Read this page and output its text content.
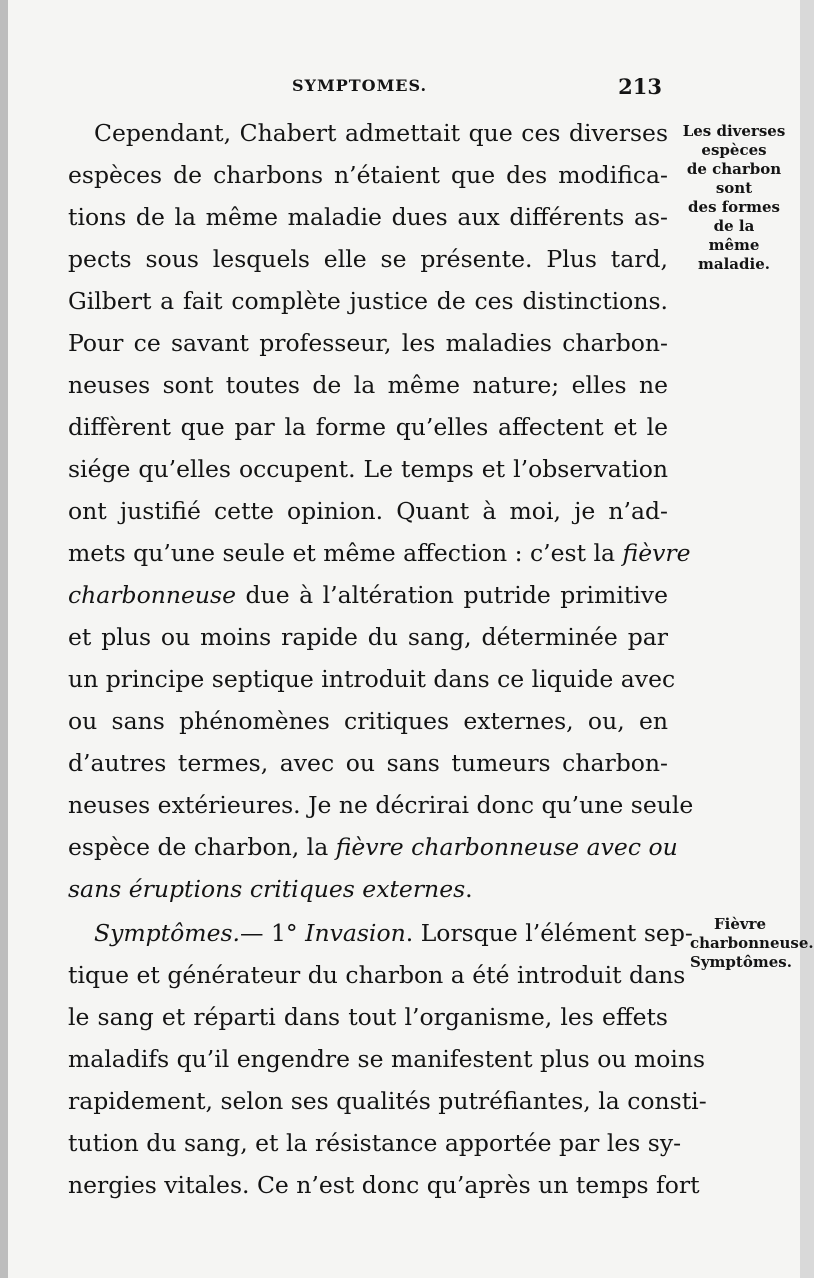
SYMPTOMES.	213
Les diverses
espèces
de charbon sont
des formes
de la
même maladie.
Fièvre
charbonneuse.
Symptômes.
Cependant, Chabert admettait que ces diverses
espèces de charbons n’étaient que des modifica-
tions de la même maladie dues aux différents as-
pects sous lesquels elle se présente. Plus tard,
Gilbert a fait complète justice de ces distinctions.
Pour ce savant professeur, les maladies charbon-
neuses sont toutes de la même nature; elles ne
diffèrent que par la forme qu’elles affectent et le
siége qu’elles occupent. Le temps et l’observation
ont justifié cette opinion. Quant à moi, je n’ad-
mets qu’une seule et même affection : c’est la fièvre
charbonneuse due à l’altération putride primitive
et plus ou moins rapide du sang, déterminée par
un principe septique introduit dans ce liquide avec
ou sans phénomènes critiques externes, ou, en
d’autres termes, avec ou sans tumeurs charbon-
neuses extérieures. Je ne décrirai donc qu’une seule
espèce de charbon, la fièvre charbonneuse avec ou
sans éruptions critiques externes.
Symptômes.— 1° Invasion. Lorsque l’élément sep-
tique et générateur du charbon a été introduit dans
le sang et réparti dans tout l’organisme, les effets
maladifs qu’il engendre se manifestent plus ou moins
rapidement, selon ses qualités putréfiantes, la consti-
tution du sang, et la résistance apportée par les sy-
nergies vitales. Ce n’est donc qu’après un temps fort
